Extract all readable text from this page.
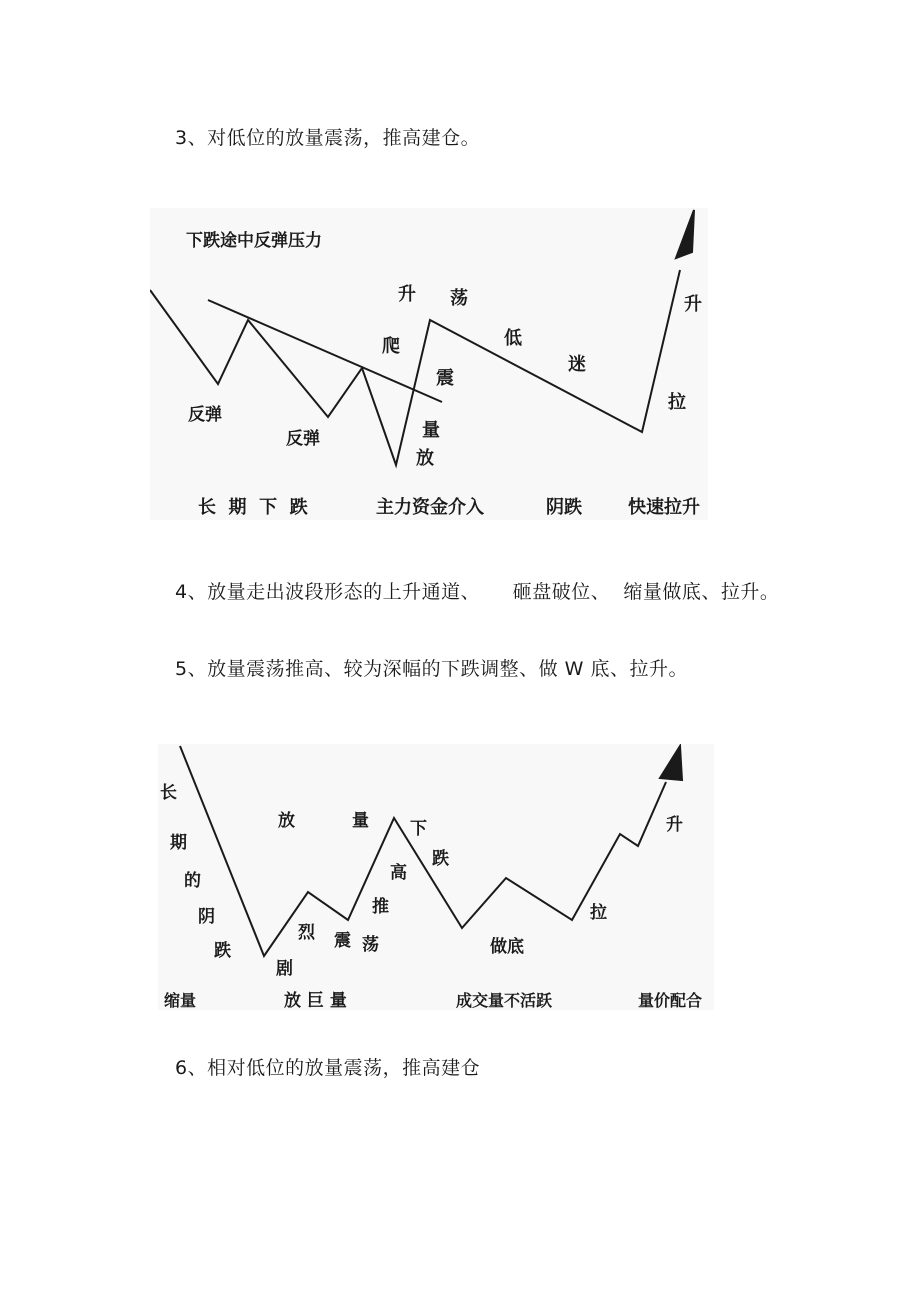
3、对低位的放量震荡，推高建仓。
下跌途中反弹压力
反弹
反弹
爬
升 荡
震
量
放
低
迷
升
拉
长  期  下  跌	主力资金介入	阴跌	快速拉升
4、放量走出波段形态的上升通道、     砸盘破位、  缩量做底、拉升。
5、放量震荡推高、较为深幅的下跌调整、做 W 底、拉升。
长
期
的
阴
跌
烈
剧
放	量
震 荡
推
高
下
跌
做底
拉
升
缩量	放 巨 量	成交量不活跃	量价配合
6、相对低位的放量震荡，推高建仓
